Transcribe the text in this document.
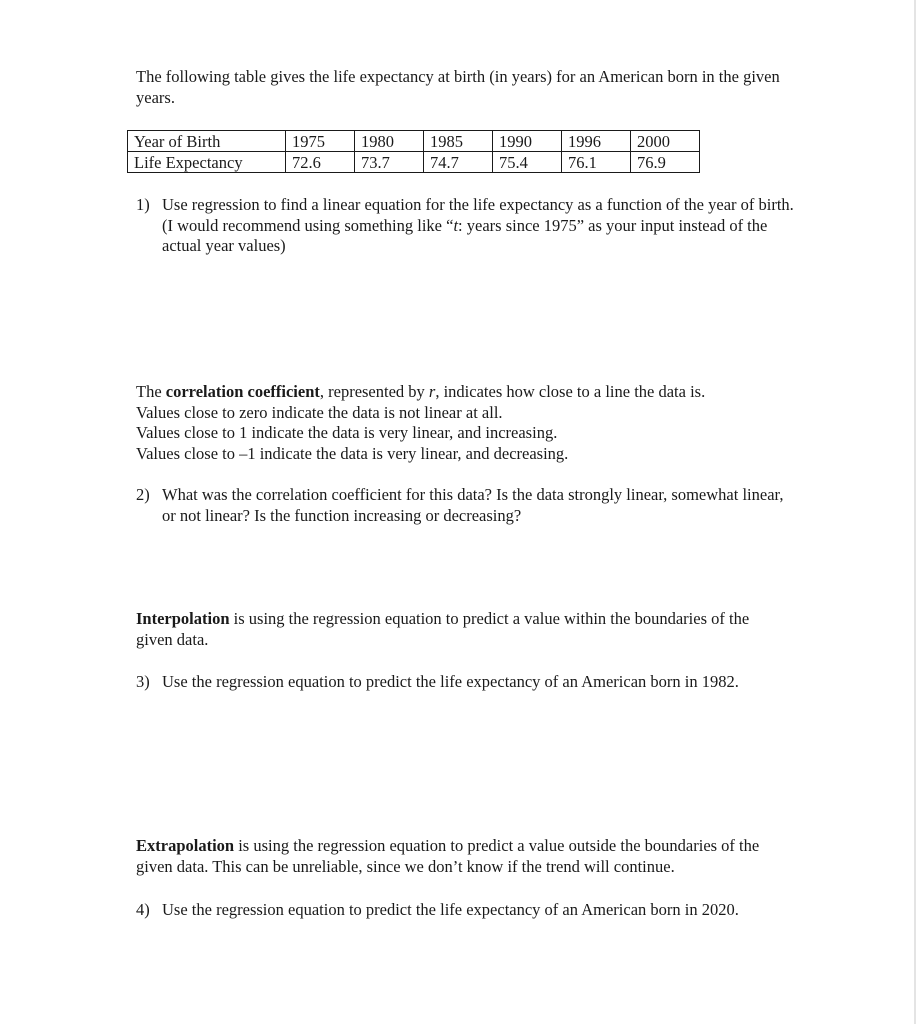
The following table gives the life expectancy at birth (in years) for an American born in the given years.

Year of Birth	1975	1980	1985	1990	1996	2000
Life Expectancy	72.6	73.7	74.7	75.4	76.1	76.9
1) Use regression to find a linear equation for the life expectancy as a function of the year of birth. (I would recommend using something like “t: years since 1975” as your input instead of the actual year values)

The correlation coefficient, represented by r, indicates how close to a line the data is.

Values close to zero indicate the data is not linear at all.

Values close to 1 indicate the data is very linear, and increasing.

Values close to –1 indicate the data is very linear, and decreasing.

2) What was the correlation coefficient for this data? Is the data strongly linear, somewhat linear, or not linear? Is the function increasing or decreasing?

Interpolation is using the regression equation to predict a value within the boundaries of the given data.

3) Use the regression equation to predict the life expectancy of an American born in 1982.

Extrapolation is using the regression equation to predict a value outside the boundaries of the given data. This can be unreliable, since we don’t know if the trend will continue.

4) Use the regression equation to predict the life expectancy of an American born in 2020.
